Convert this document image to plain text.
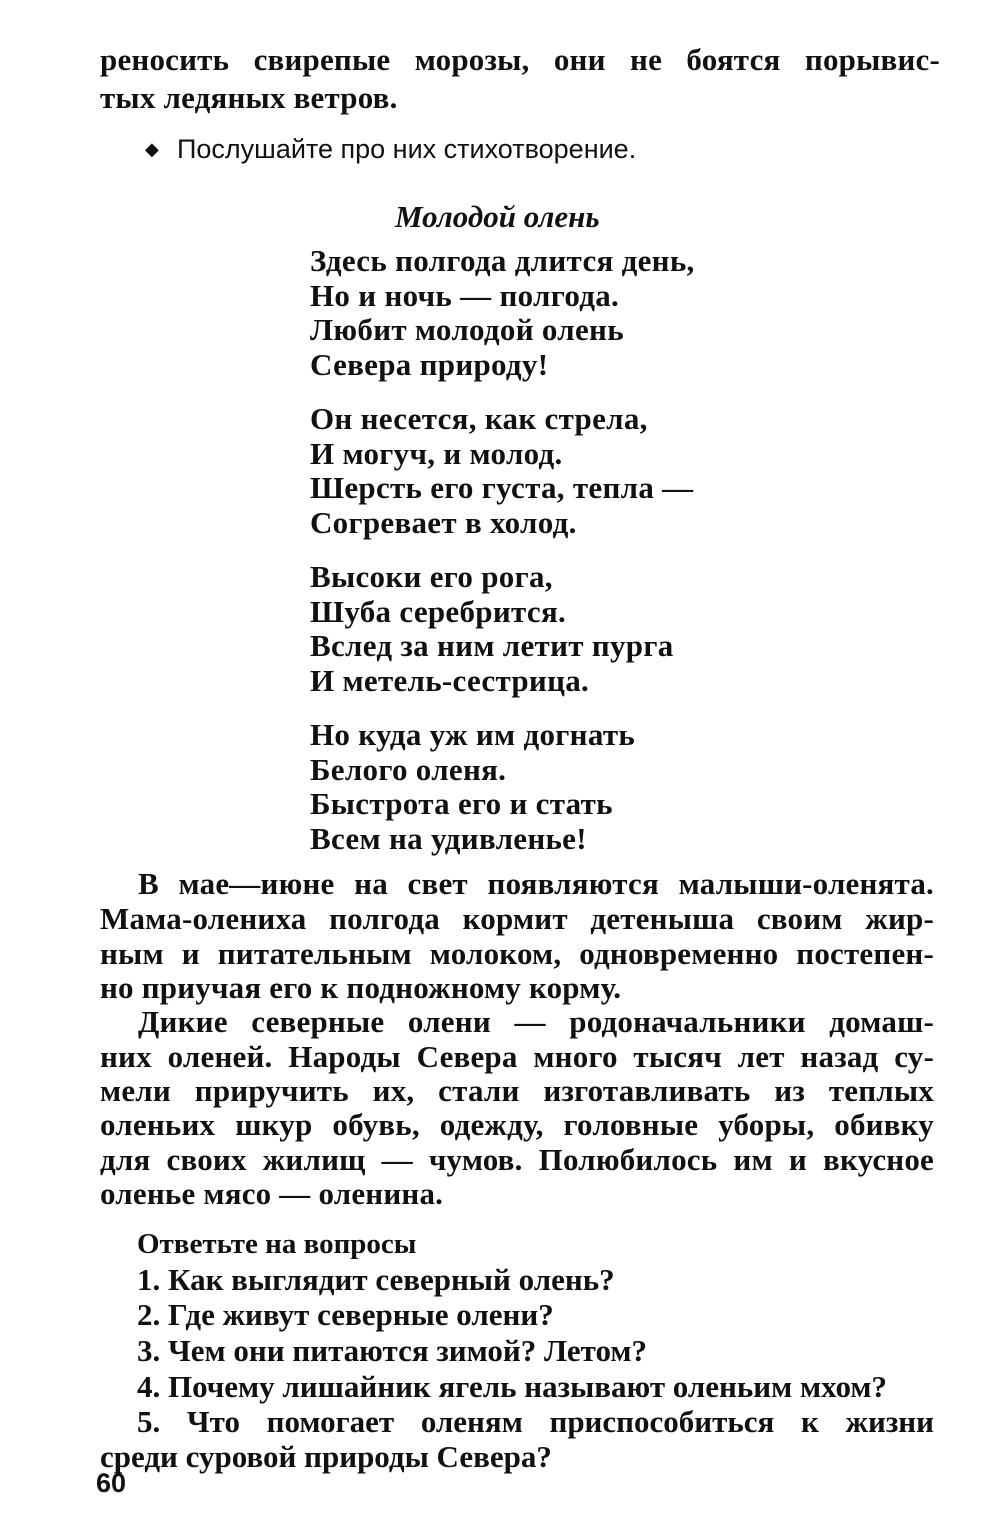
реносить свирепые морозы, они не боятся порывис-
тых ледяных ветров.
◆ Послушайте про них стихотворение.
Молодой олень
Здесь полгода длится день,
Но и ночь — полгода.
Любит молодой олень
Севера природу!
Он несется, как стрела,
И могуч, и молод.
Шерсть его густа, тепла —
Согревает в холод.
Высоки его рога,
Шуба серебрится.
Вслед за ним летит пурга
И метель-сестрица.
Но куда уж им догнать
Белого оленя.
Быстрота его и стать
Всем на удивленье!
В мае—июне на свет появляются малыши-оленята.
Мама-олениха полгода кормит детеныша своим жир-
ным и питательным молоком, одновременно постепен-
но приучая его к подножному корму.
Дикие северные олени — родоначальники домаш-
них оленей. Народы Севера много тысяч лет назад су-
мели приручить их, стали изготавливать из теплых
оленьих шкур обувь, одежду, головные уборы, обивку
для своих жилищ — чумов. Полюбилось им и вкусное
оленье мясо — оленина.
Ответьте на вопросы
1. Как выглядит северный олень?
2. Где живут северные олени?
3. Чем они питаются зимой? Летом?
4. Почему лишайник ягель называют оленьим мхом?
5. Что помогает оленям приспособиться к жизни
среди суровой природы Севера?
60
